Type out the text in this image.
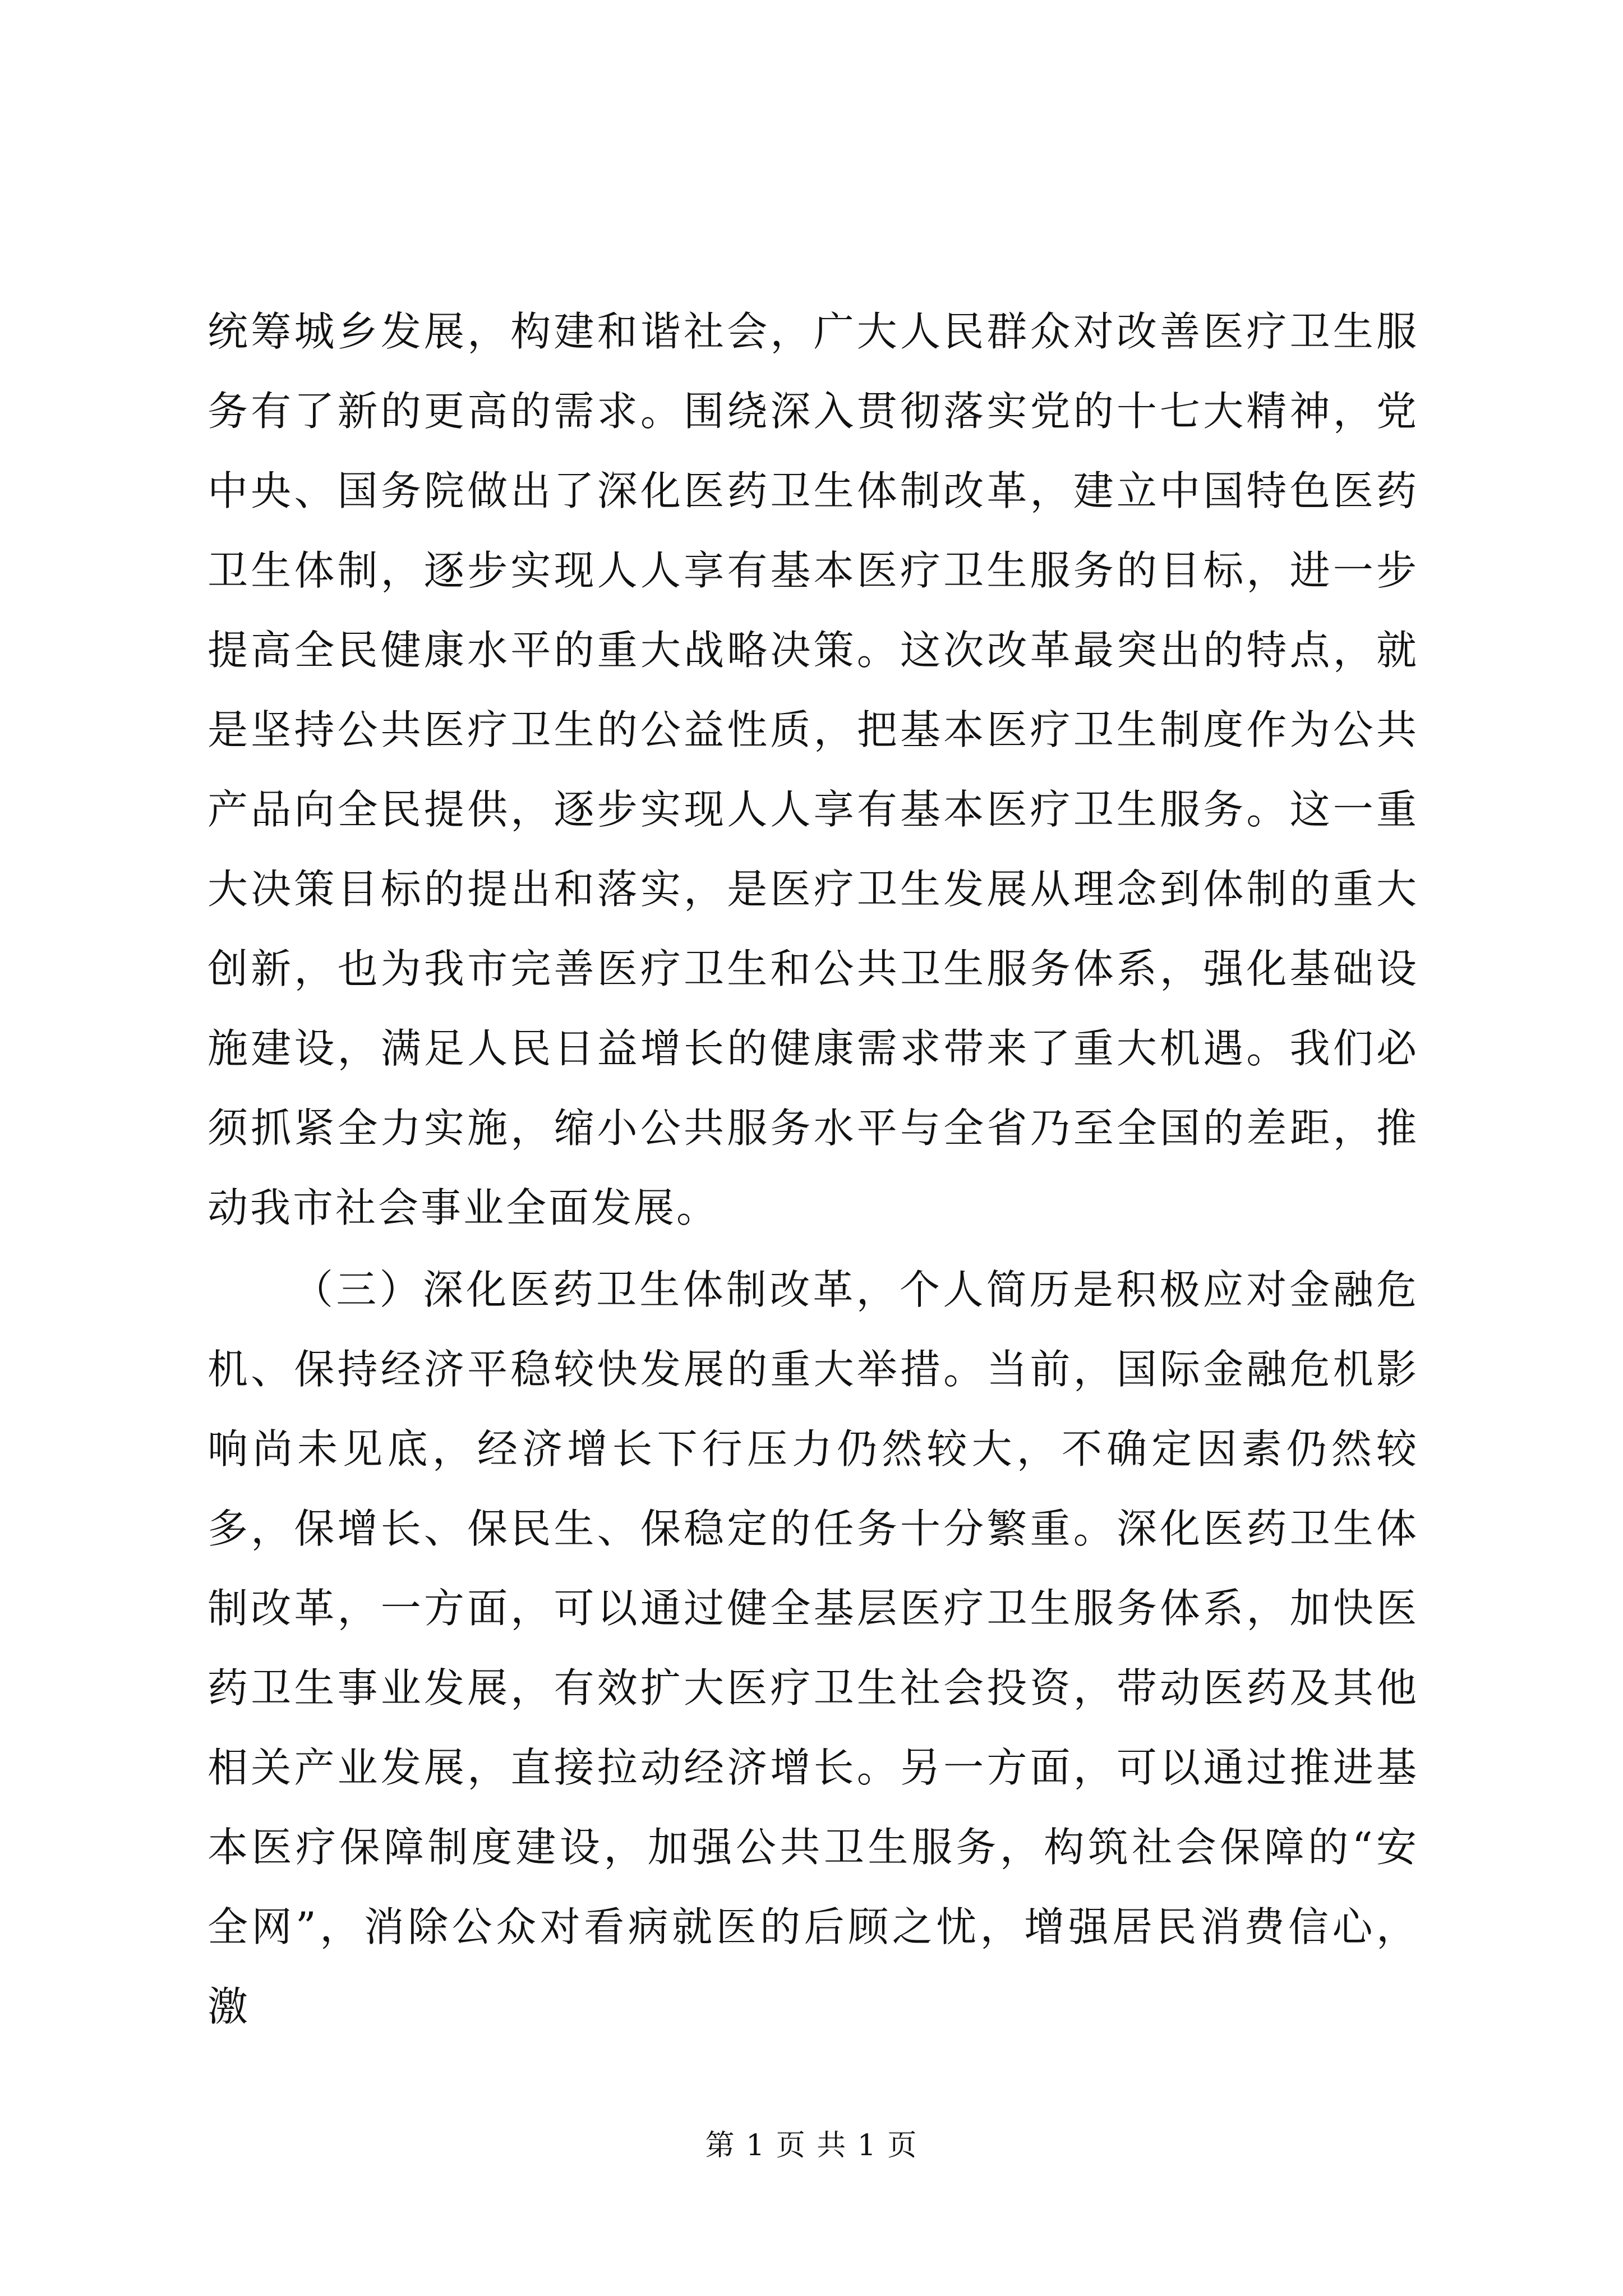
统筹城乡发展，构建和谐社会，广大人民群众对改善医疗卫生服务有了新的更高的需求。围绕深入贯彻落实党的十七大精神，党中央、国务院做出了深化医药卫生体制改革，建立中国特色医药卫生体制，逐步实现人人享有基本医疗卫生服务的目标，进一步提高全民健康水平的重大战略决策。这次改革最突出的特点，就是坚持公共医疗卫生的公益性质，把基本医疗卫生制度作为公共产品向全民提供，逐步实现人人享有基本医疗卫生服务。这一重大决策目标的提出和落实，是医疗卫生发展从理念到体制的重大创新，也为我市完善医疗卫生和公共卫生服务体系，强化基础设施建设，满足人民日益增长的健康需求带来了重大机遇。我们必须抓紧全力实施，缩小公共服务水平与全省乃至全国的差距，推动我市社会事业全面发展。

（三）深化医药卫生体制改革，个人简历是积极应对金融危机、保持经济平稳较快发展的重大举措。当前，国际金融危机影响尚未见底，经济增长下行压力仍然较大，不确定因素仍然较多，保增长、保民生、保稳定的任务十分繁重。深化医药卫生体制改革，一方面，可以通过健全基层医疗卫生服务体系，加快医药卫生事业发展，有效扩大医疗卫生社会投资，带动医药及其他相关产业发展，直接拉动经济增长。另一方面，可以通过推进基本医疗保障制度建设，加强公共卫生服务，构筑社会保障的“安全网”，消除公众对看病就医的后顾之忧，增强居民消费信心，激

第 1 页 共 1 页
